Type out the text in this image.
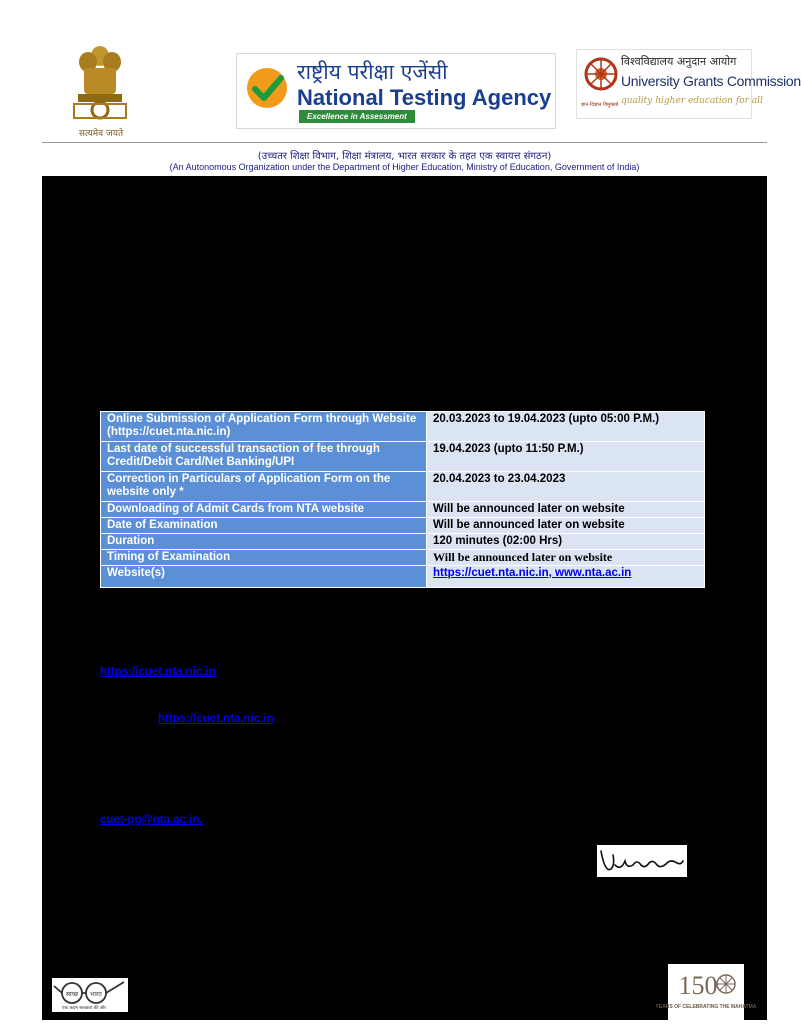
सत्यमेव जयते
राष्ट्रीय परीक्षा एजेंसी
National Testing Agency
Excellence in Assessment
ज्ञान-विज्ञान विमुक्तये
विश्वविद्यालय अनुदान आयोग
University Grants Commission
quality higher education for all
(उच्चतर शिक्षा विभाग, शिक्षा मंत्रालय, भारत सरकार के तहत एक स्वायत्त संगठन)
(An Autonomous Organization under the Department of Higher Education, Ministry of Education, Government of India)
Online Submission of Application Form through Website (https://cuet.nta.nic.in)	20.03.2023 to 19.04.2023 (upto 05:00 P.M.)
Last date of successful transaction of fee through Credit/Debit Card/Net Banking/UPI	19.04.2023 (upto 11:50 P.M.)
Correction in Particulars of Application Form on the website only *	20.04.2023 to 23.04.2023
Downloading of Admit Cards from NTA website	Will be announced later on website
Date of Examination	Will be announced later on website
Duration	120 minutes (02:00 Hrs)
Timing of Examination	Will be announced later on website
Website(s)	https://cuet.nta.nic.in, www.nta.ac.in
https://cuet.nta.nic.in
https://cuet.nta.nic.in
cuet-pg@nta.ac.in.
स्वच्छ भारत
एक कदम स्वच्छता की ओर
150
YEARS OF CELEBRATING THE MAHATMA
